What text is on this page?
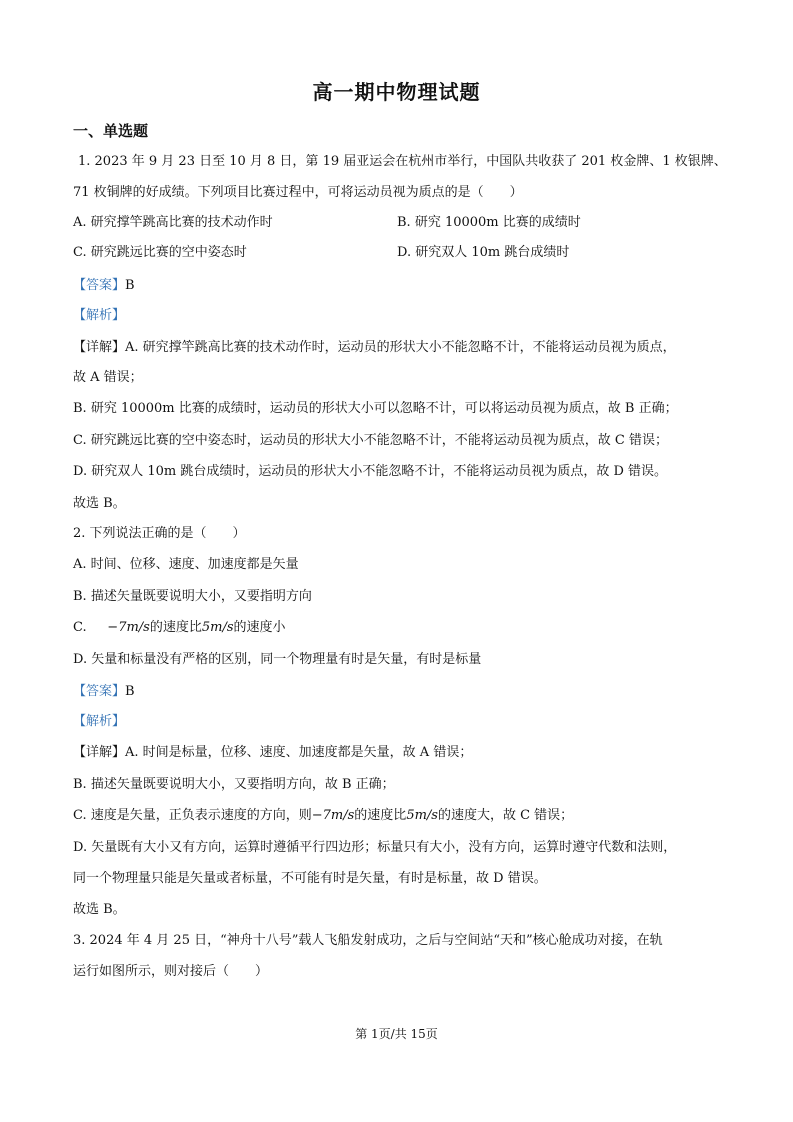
高一期中物理试题
一、单选题
1. 2023 年 9 月 23 日至 10 月 8 日，第 19 届亚运会在杭州市举行，中国队共收获了 201 枚金牌、1 枚银牌、
71 枚铜牌的好成绩。下列项目比赛过程中，可将运动员视为质点的是（　　）
A. 研究撑竿跳高比赛的技术动作时	B. 研究 10000m 比赛的成绩时
C. 研究跳远比赛的空中姿态时	D. 研究双人 10m 跳台成绩时
【答案】B
【解析】
【详解】A. 研究撑竿跳高比赛的技术动作时，运动员的形状大小不能忽略不计，不能将运动员视为质点，
故 A 错误；
B. 研究 10000m 比赛的成绩时，运动员的形状大小可以忽略不计，可以将运动员视为质点，故 B 正确；
C. 研究跳远比赛的空中姿态时，运动员的形状大小不能忽略不计，不能将运动员视为质点，故 C 错误；
D. 研究双人 10m 跳台成绩时，运动员的形状大小不能忽略不计，不能将运动员视为质点，故 D 错误。
故选 B。
2. 下列说法正确的是（　　）
A. 时间、位移、速度、加速度都是矢量
B. 描述矢量既要说明大小，又要指明方向
C. −7m/s的速度比5m/s的速度小
D. 矢量和标量没有严格的区别，同一个物理量有时是矢量，有时是标量
【答案】B
【解析】
【详解】A. 时间是标量，位移、速度、加速度都是矢量，故 A 错误；
B. 描述矢量既要说明大小，又要指明方向，故 B 正确；
C. 速度是矢量，正负表示速度的方向，则−7m/s的速度比5m/s的速度大，故 C 错误；
D. 矢量既有大小又有方向，运算时遵循平行四边形；标量只有大小，没有方向，运算时遵守代数和法则，
同一个物理量只能是矢量或者标量，不可能有时是矢量，有时是标量，故 D 错误。
故选 B。
3. 2024 年 4 月 25 日，“神舟十八号”载人飞船发射成功，之后与空间站“天和”核心舱成功对接，在轨
运行如图所示，则对接后（　　）
第 1页/共 15页
